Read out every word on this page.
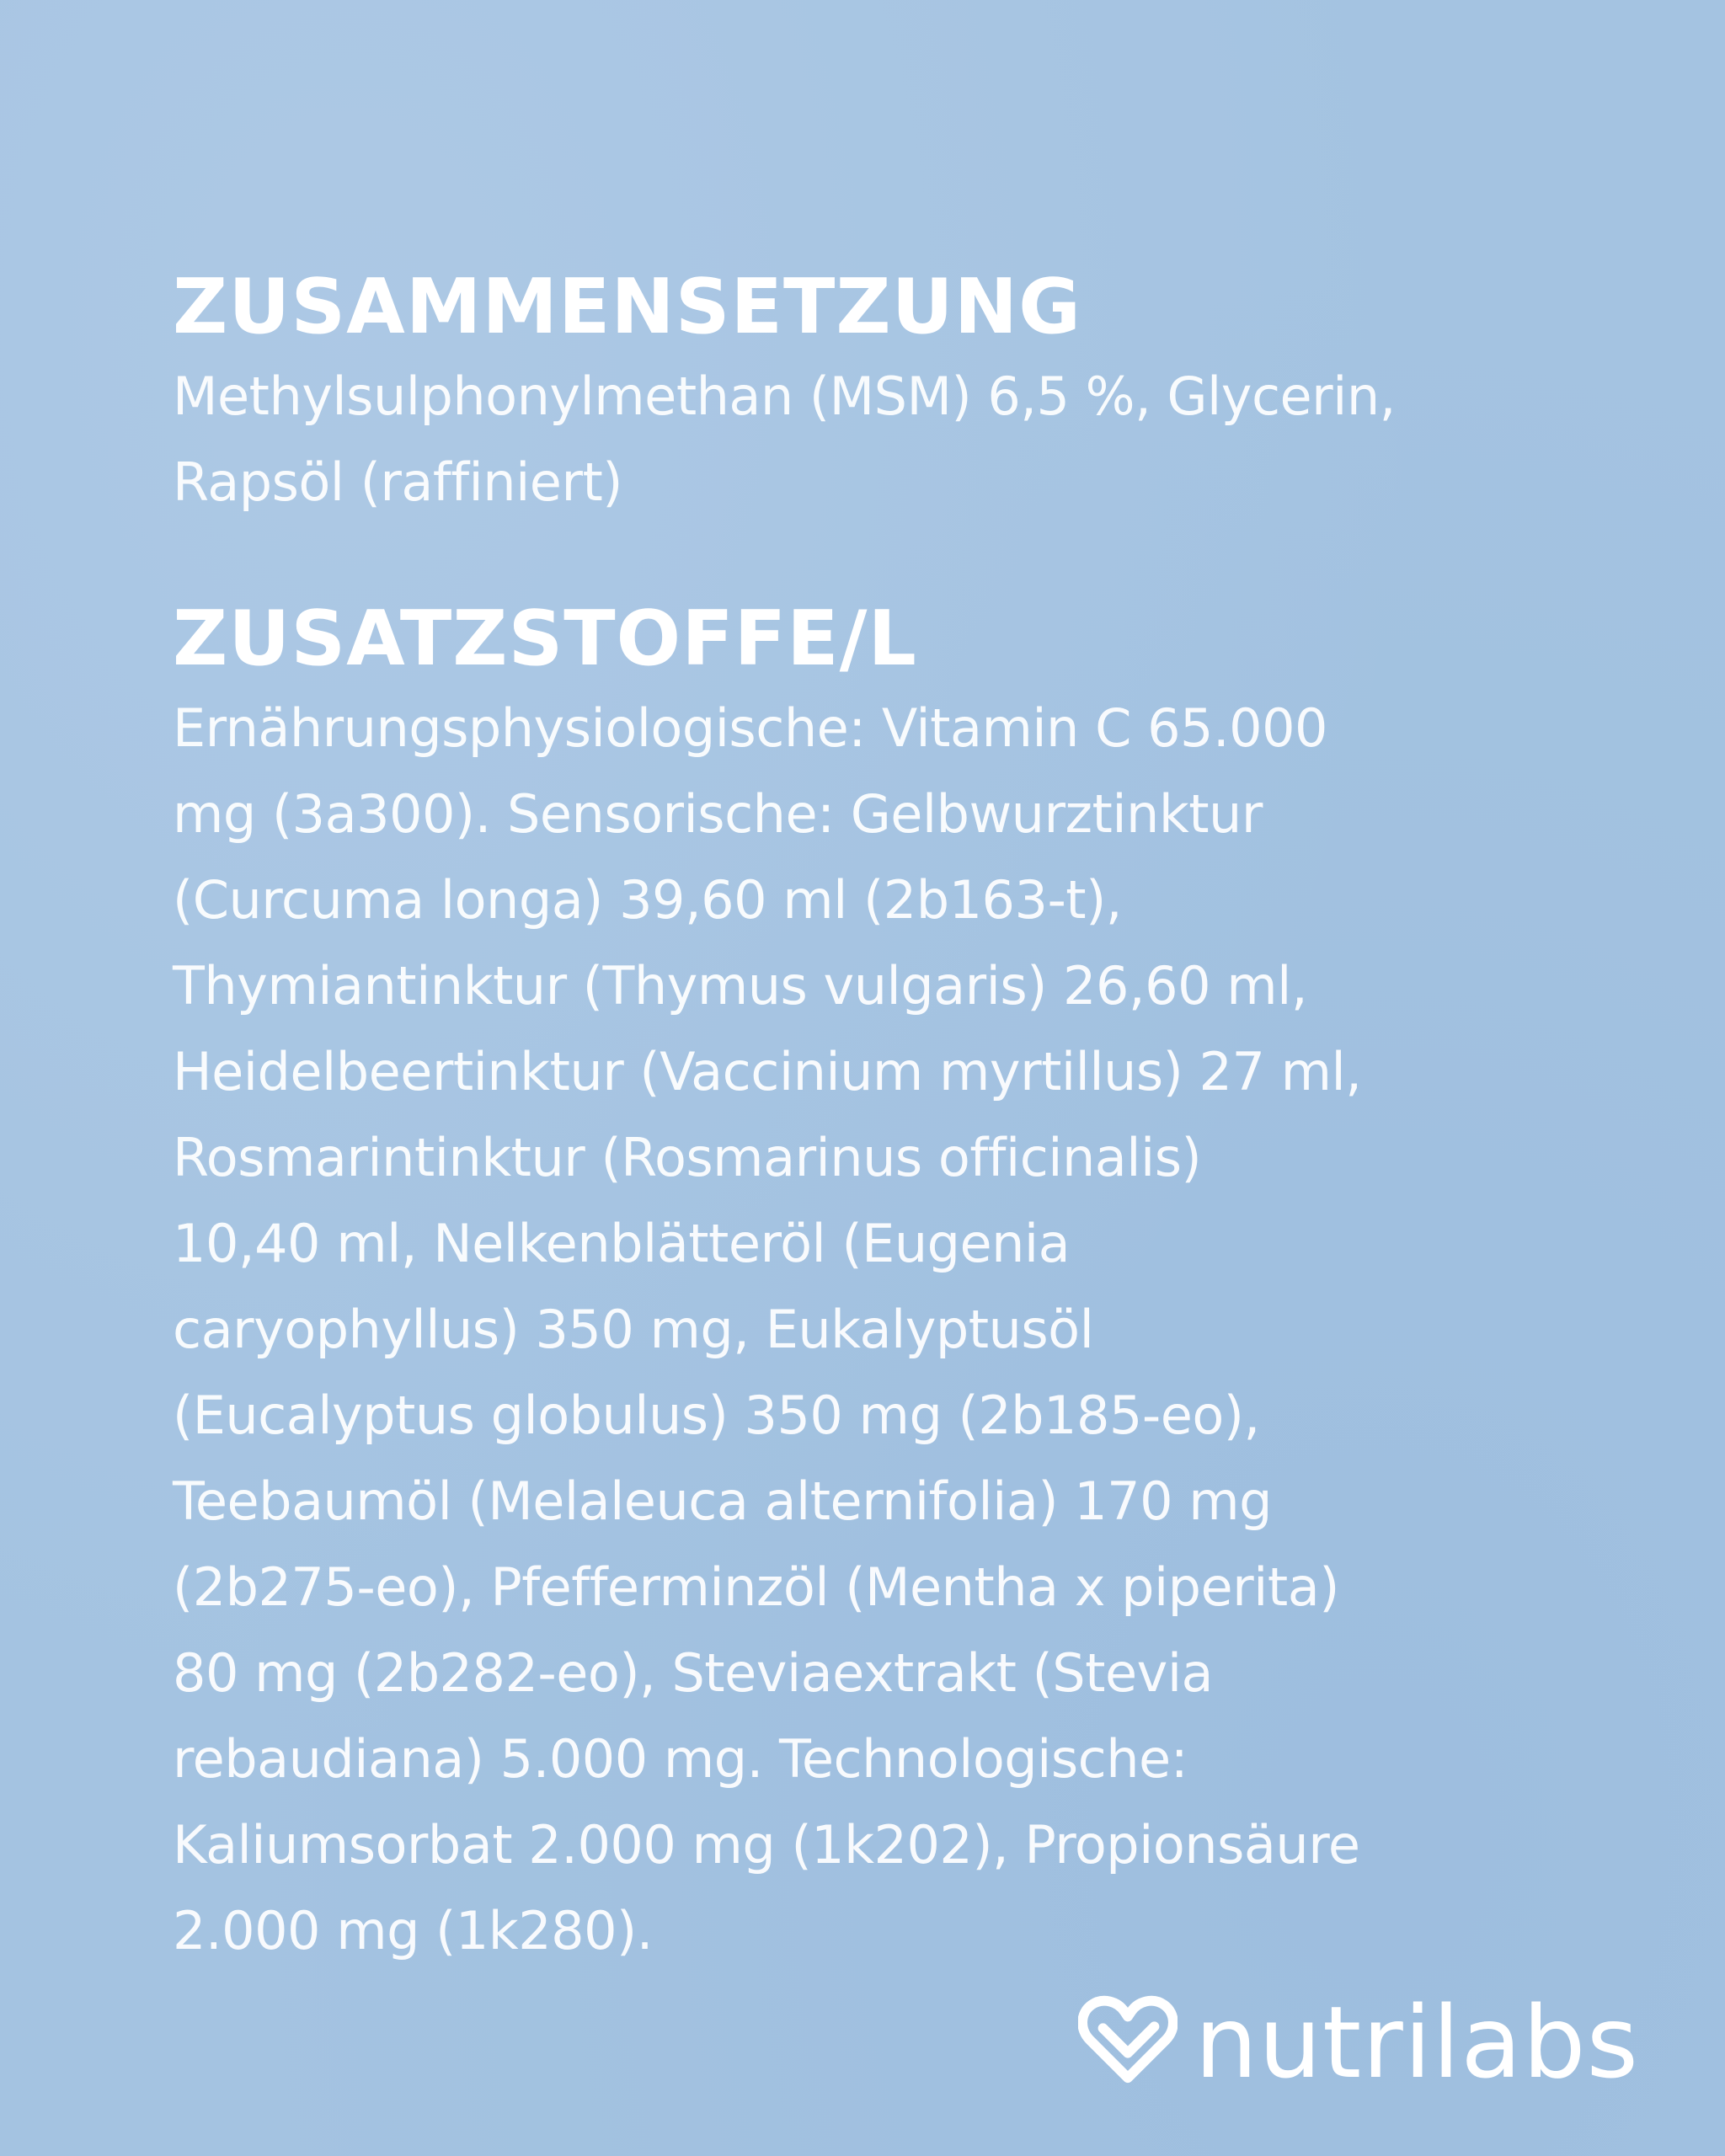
ZUSAMMENSETZUNG

Methylsulphonylmethan (MSM) 6,5 %, Glycerin,
Rapsöl (raffiniert)

ZUSATZSTOFFE/L

Ernährungsphysiologische: Vitamin C 65.000
mg (3a300). Sensorische: Gelbwurztinktur
(Curcuma longa) 39,60 ml (2b163-t),
Thymiantinktur (Thymus vulgaris) 26,60 ml,
Heidelbeertinktur (Vaccinium myrtillus) 27 ml,
Rosmarintinktur (Rosmarinus officinalis)
10,40 ml, Nelkenblätteröl (Eugenia
caryophyllus) 350 mg, Eukalyptusöl
(Eucalyptus globulus) 350 mg (2b185-eo),
Teebaumöl (Melaleuca alternifolia) 170 mg
(2b275-eo), Pfefferminzöl (Mentha x piperita)
80 mg (2b282-eo), Steviaextrakt (Stevia
rebaudiana) 5.000 mg. Technologische:
Kaliumsorbat 2.000 mg (1k202), Propionsäure
2.000 mg (1k280).

nutrilabs
